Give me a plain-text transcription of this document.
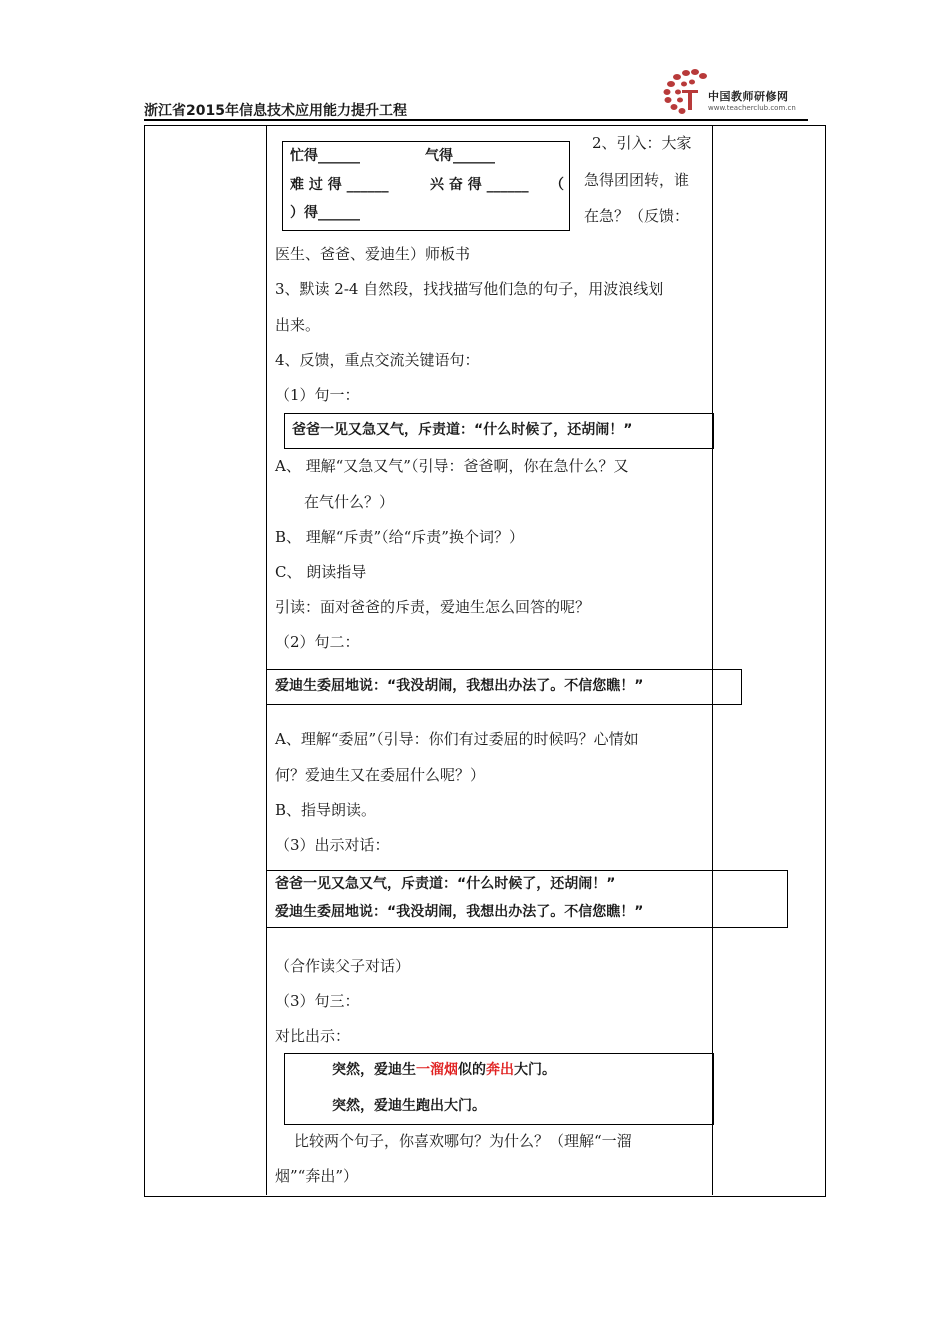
浙江省2015年信息技术应用能力提升工程
中国教师研修网
www.teacherclub.com.cn
忙得______	气得______
难 过 得 ______	兴 奋 得 ______ （
）得______
2、引入：大家
急得团团转，谁
在急？（反馈：
医生、爸爸、爱迪生）师板书
3、默读 2-4 自然段，找找描写他们急的句子，用波浪线划
出来。
4、反馈，重点交流关键语句：
（1）句一：
爸爸一见又急又气，斥责道：“什么时候了，还胡闹！”
A、 理解“又急又气”（引导：爸爸啊，你在急什么？又
在气什么？）
B、 理解“斥责”（给“斥责”换个词？）
C、 朗读指导
引读：面对爸爸的斥责，爱迪生怎么回答的呢？
（2）句二：
爱迪生委屈地说：“我没胡闹，我想出办法了。不信您瞧！”
A、理解“委屈”（引导：你们有过委屈的时候吗？心情如
何？爱迪生又在委屈什么呢？）
B、指导朗读。
（3）出示对话：
爸爸一见又急又气，斥责道：“什么时候了，还胡闹！”
爱迪生委屈地说：“我没胡闹，我想出办法了。不信您瞧！”
（合作读父子对话）
（3）句三：
对比出示：
突然，爱迪生一溜烟似的奔出大门。
突然，爱迪生跑出大门。
比较两个句子，你喜欢哪句？为什么？（理解“一溜
烟”“奔出”）
